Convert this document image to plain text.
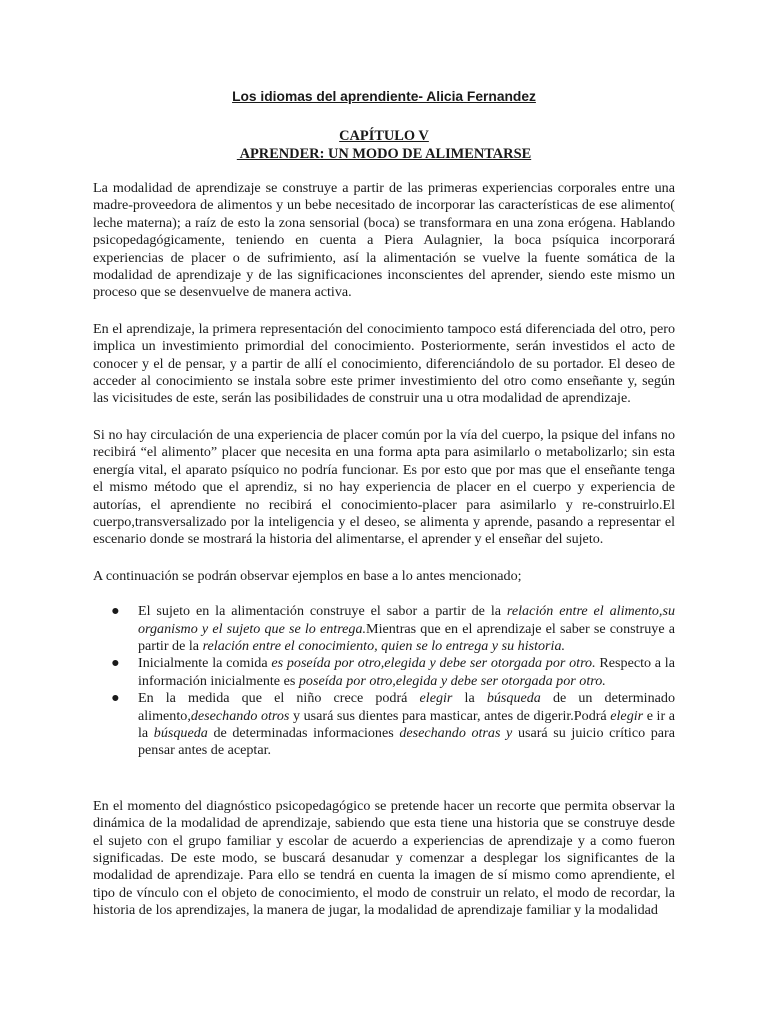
Los idiomas del aprendiente- Alicia Fernandez
CAPÍTULO V
APRENDER: UN MODO DE ALIMENTARSE

La modalidad de aprendizaje se construye a partir de las primeras experiencias corporales entre una madre-proveedora de alimentos y un bebe necesitado de incorporar las características de ese alimento( leche materna); a raíz de esto la zona sensorial (boca) se transformara en una zona erógena. Hablando psicopedagógicamente, teniendo en cuenta a Piera Aulagnier, la boca psíquica incorporará experiencias de placer o de sufrimiento, así la alimentación se vuelve la fuente somática de la modalidad de aprendizaje y de las significaciones inconscientes del aprender, siendo este mismo un proceso que se desenvuelve de manera activa.

En el aprendizaje, la primera representación del conocimiento tampoco está diferenciada del otro, pero implica un investimiento primordial del conocimiento. Posteriormente, serán investidos el acto de conocer y el de pensar, y a partir de allí el conocimiento, diferenciándolo de su portador. El deseo de acceder al conocimiento se instala sobre este primer investimiento del otro como enseñante y, según las vicisitudes de este, serán las posibilidades de construir una u otra modalidad de aprendizaje.

Si no hay circulación de una experiencia de placer común por la vía del cuerpo, la psique del infans no recibirá “el alimento” placer que necesita en una forma apta para asimilarlo o metabolizarlo; sin esta energía vital, el aparato psíquico no podría funcionar. Es por esto que por mas que el enseñante tenga el mismo método que el aprendiz, si no hay experiencia de placer en el cuerpo y experiencia de autorías, el aprendiente no recibirá el conocimiento-placer para asimilarlo y re-construirlo.El cuerpo,transversalizado por la inteligencia y el deseo, se alimenta y aprende, pasando a representar el escenario donde se mostrará la historia del alimentarse, el aprender y el enseñar del sujeto.

A continuación se podrán observar ejemplos en base a lo antes mencionado;

● El sujeto en la alimentación construye el sabor a partir de la relación entre el alimento,su organismo y el sujeto que se lo entrega.Mientras que en el aprendizaje el saber se construye a partir de la relación entre el conocimiento, quien se lo entrega y su historia.
● Inicialmente la comida es poseída por otro,elegida y debe ser otorgada por otro. Respecto a la información inicialmente es poseída por otro,elegida y debe ser otorgada por otro.
● En la medida que el niño crece podrá elegir la búsqueda de un determinado alimento,desechando otros y usará sus dientes para masticar, antes de digerir.Podrá elegir e ir a la búsqueda de determinadas informaciones desechando otras y usará su juicio crítico para pensar antes de aceptar.

En el momento del diagnóstico psicopedagógico se pretende hacer un recorte que permita observar la dinámica de la modalidad de aprendizaje, sabiendo que esta tiene una historia que se construye desde el sujeto con el grupo familiar y escolar de acuerdo a experiencias de aprendizaje y a como fueron significadas. De este modo, se buscará desanudar y comenzar a desplegar los significantes de la modalidad de aprendizaje. Para ello se tendrá en cuenta la imagen de sí mismo como aprendiente, el tipo de vínculo con el objeto de conocimiento, el modo de construir un relato, el modo de recordar, la historia de los aprendizajes, la manera de jugar, la modalidad de aprendizaje familiar y la modalidad
